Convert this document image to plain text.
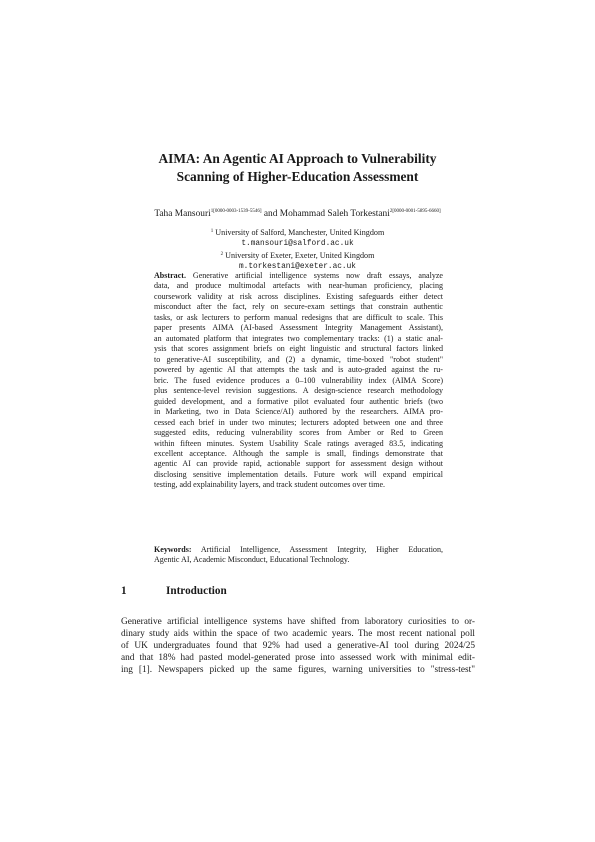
AIMA: An Agentic AI Approach to Vulnerability
Scanning of Higher-Education Assessment
Taha Mansouri$^{1[0000-0003-1539-5546]}$ and Mohammad Saleh Torkestani$^{2[0000-0001-5895-6660]}$
$^1$ University of Salford, Manchester, United Kingdom
t.mansouri@salford.ac.uk
$^2$ University of Exeter, Exeter, United Kingdom
m.torkestani@exeter.ac.uk
Abstract. Generative artificial intelligence systems now draft essays, analyze
data, and produce multimodal artefacts with near-human proficiency, placing
coursework validity at risk across disciplines. Existing safeguards either detect
misconduct after the fact, rely on secure-exam settings that constrain authentic
tasks, or ask lecturers to perform manual redesigns that are difficult to scale. This
paper presents AIMA (AI-based Assessment Integrity Management Assistant),
an automated platform that integrates two complementary tracks: (1) a static anal-
ysis that scores assignment briefs on eight linguistic and structural factors linked
to generative-AI susceptibility, and (2) a dynamic, time-boxed "robot student"
powered by agentic AI that attempts the task and is auto-graded against the ru-
bric. The fused evidence produces a 0–100 vulnerability index (AIMA Score)
plus sentence-level revision suggestions. A design-science research methodology
guided development, and a formative pilot evaluated four authentic briefs (two
in Marketing, two in Data Science/AI) authored by the researchers. AIMA pro-
cessed each brief in under two minutes; lecturers adopted between one and three
suggested edits, reducing vulnerability scores from Amber or Red to Green
within fifteen minutes. System Usability Scale ratings averaged 83.5, indicating
excellent acceptance. Although the sample is small, findings demonstrate that
agentic AI can provide rapid, actionable support for assessment design without
disclosing sensitive implementation details. Future work will expand empirical
testing, add explainability layers, and track student outcomes over time.
Keywords: Artificial Intelligence, Assessment Integrity, Higher Education,
Agentic AI, Academic Misconduct, Educational Technology.
1	Introduction
Generative artificial intelligence systems have shifted from laboratory curiosities to or-
dinary study aids within the space of two academic years. The most recent national poll
of UK undergraduates found that 92% had used a generative-AI tool during 2024/25
and that 18% had pasted model-generated prose into assessed work with minimal edit-
ing [1]. Newspapers picked up the same figures, warning universities to "stress-test"
